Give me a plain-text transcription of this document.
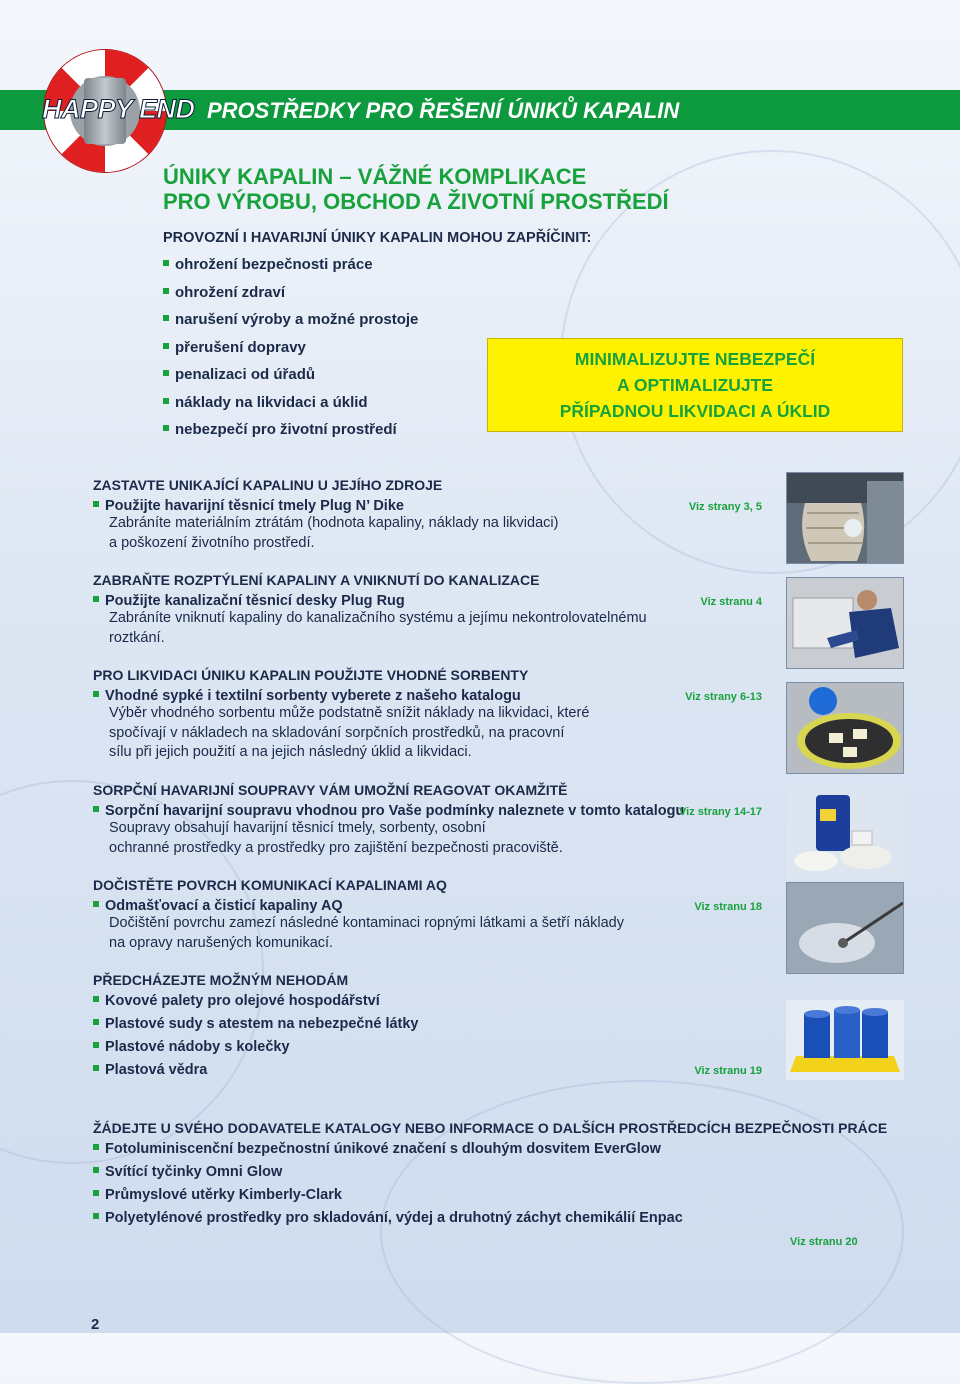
HAPPY END PROSTŘEDKY PRO ŘEŠENÍ ÚNIKŮ KAPALIN
ÚNIKY KAPALIN – VÁŽNÉ KOMPLIKACE
PRO VÝROBU, OBCHOD A ŽIVOTNÍ PROSTŘEDÍ
PROVOZNÍ I HAVARIJNÍ ÚNIKY KAPALIN MOHOU ZAPŘÍČINIT:
ohrožení bezpečnosti práce
ohrožení zdraví
narušení výroby a možné prostoje
přerušení dopravy
penalizaci od úřadů
náklady na likvidaci a úklid
nebezpečí pro životní prostředí
MINIMALIZUJTE NEBEZPEČÍ
A OPTIMALIZUJTE
PŘÍPADNOU LIKVIDACI A ÚKLID
ZASTAVTE UNIKAJÍCÍ KAPALINU U JEJÍHO ZDROJE
Použijte havarijní těsnicí tmely Plug N’ Dike	Viz strany 3, 5
Zabráníte materiálním ztrátám (hodnota kapaliny, náklady na likvidaci)
a poškození životního prostředí.
ZABRAŇTE ROZPTÝLENÍ KAPALINY A VNIKNUTÍ DO KANALIZACE
Použijte kanalizační těsnicí desky Plug Rug	Viz stranu 4
Zabráníte vniknutí kapaliny do kanalizačního systému a jejímu nekontrolovatelnému
roztkání.
PRO LIKVIDACI ÚNIKU KAPALIN POUŽIJTE VHODNÉ SORBENTY
Vhodné sypké i textilní sorbenty vyberete z našeho katalogu	Viz strany 6-13
Výběr vhodného sorbentu může podstatně snížit náklady na likvidaci, které
spočívají v nákladech na skladování sorpčních prostředků, na pracovní
sílu při jejich použití a na jejich následný úklid a likvidaci.
SORPČNÍ HAVARIJNÍ SOUPRAVY VÁM UMOŽNÍ REAGOVAT OKAMŽITĚ
Sorpční havarijní soupravu vhodnou pro Vaše podmínky naleznete v tomto katalogu
Viz strany 14-17
Soupravy obsahují havarijní těsnicí tmely, sorbenty, osobní
ochranné prostředky a prostředky pro zajištění bezpečnosti pracoviště.
DOČISTĚTE POVRCH KOMUNIKACÍ KAPALINAMI AQ
Odmašťovací a čisticí kapaliny AQ	Viz stranu 18
Dočištění povrchu zamezí následné kontaminaci ropnými látkami a šetří náklady
na opravy narušených komunikací.
PŘEDCHÁZEJTE MOŽNÝM NEHODÁM
Kovové palety pro olejové hospodářství
Plastové sudy s atestem na nebezpečné látky
Plastové nádoby s kolečky
Plastová vědra	Viz stranu 19
ŽÁDEJTE U SVÉHO DODAVATELE KATALOGY NEBO INFORMACE O DALŠÍCH PROSTŘEDCÍCH BEZPEČNOSTI PRÁCE
Fotoluminiscenční bezpečnostní únikové značení s dlouhým dosvitem EverGlow
Svítící tyčinky Omni Glow
Průmyslové utěrky Kimberly-Clark
Polyetylénové prostředky pro skladování, výdej a druhotný záchyt chemikálií Enpac
Viz stranu 20
2
